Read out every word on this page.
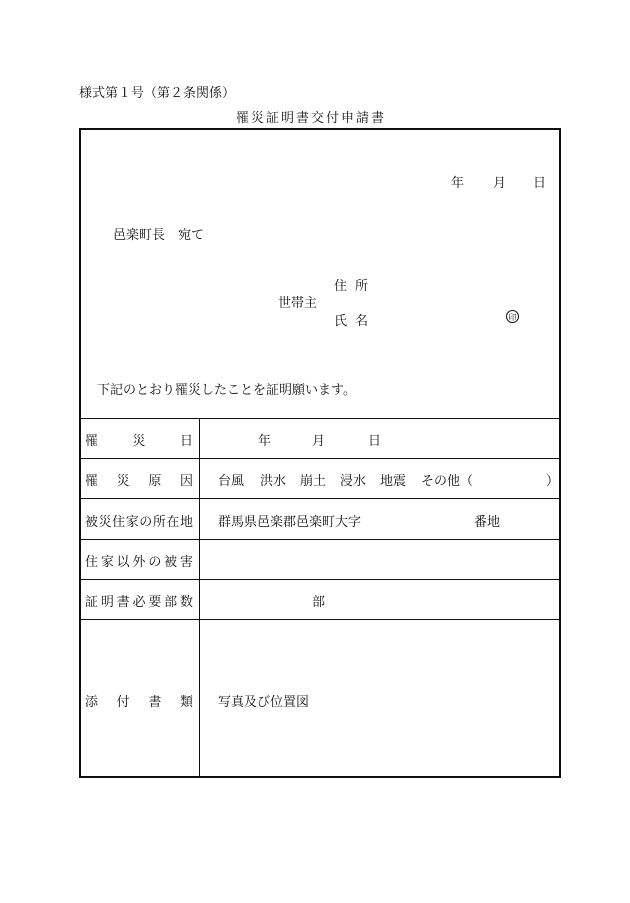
様式第１号（第２条関係）
罹災証明書交付申請書
年 月 日
邑楽町長　宛て
世帯主
住所
氏名	印
下記のとおり罹災したことを証明願います。
罹災日	年	月	日
罹災原因 台風 洪水 崩土 浸水 地震 その他（	）
被災住家の所在地 群馬県邑楽郡邑楽町大字	番地
住家以外の被害
証明書必要部数	部
添付書類 写真及び位置図
